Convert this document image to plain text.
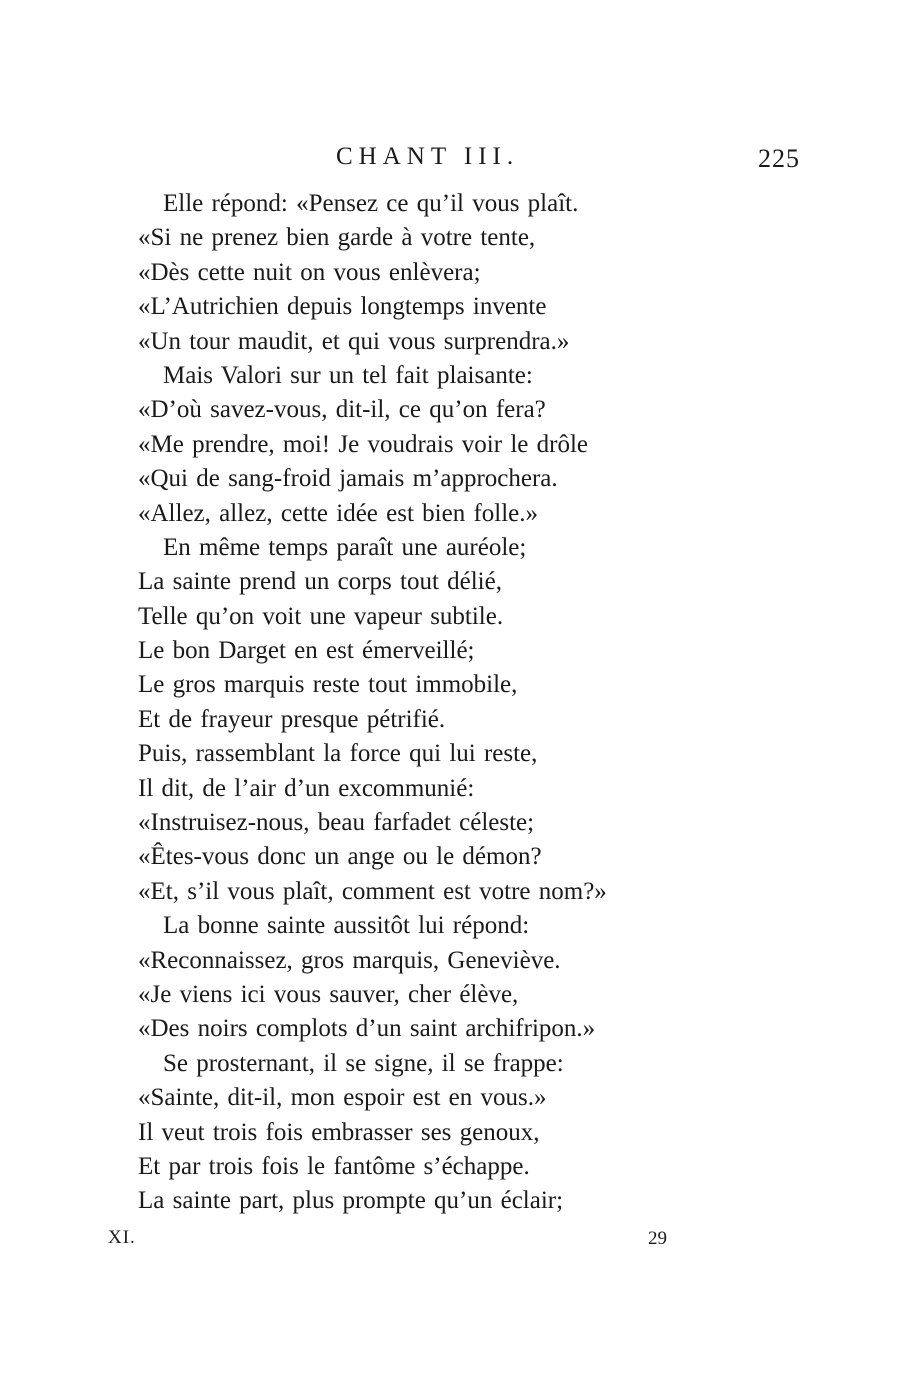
CHANT III.	225
Elle répond: «Pensez ce qu’il vous plaît.
«Si ne prenez bien garde à votre tente,
«Dès cette nuit on vous enlèvera;
«L’Autrichien depuis longtemps invente
«Un tour maudit, et qui vous surprendra.»
Mais Valori sur un tel fait plaisante:
«D’où savez-vous, dit-il, ce qu’on fera?
«Me prendre, moi! Je voudrais voir le drôle
«Qui de sang-froid jamais m’approchera.
«Allez, allez, cette idée est bien folle.»
En même temps paraît une auréole;
La sainte prend un corps tout délié,
Telle qu’on voit une vapeur subtile.
Le bon Darget en est émerveillé;
Le gros marquis reste tout immobile,
Et de frayeur presque pétrifié.
Puis, rassemblant la force qui lui reste,
Il dit, de l’air d’un excommunié:
«Instruisez-nous, beau farfadet céleste;
«Êtes-vous donc un ange ou le démon?
«Et, s’il vous plaît, comment est votre nom?»
La bonne sainte aussitôt lui répond:
«Reconnaissez, gros marquis, Geneviève.
«Je viens ici vous sauver, cher élève,
«Des noirs complots d’un saint archifripon.»
Se prosternant, il se signe, il se frappe:
«Sainte, dit-il, mon espoir est en vous.»
Il veut trois fois embrasser ses genoux,
Et par trois fois le fantôme s’échappe.
La sainte part, plus prompte qu’un éclair;
XI.	29
